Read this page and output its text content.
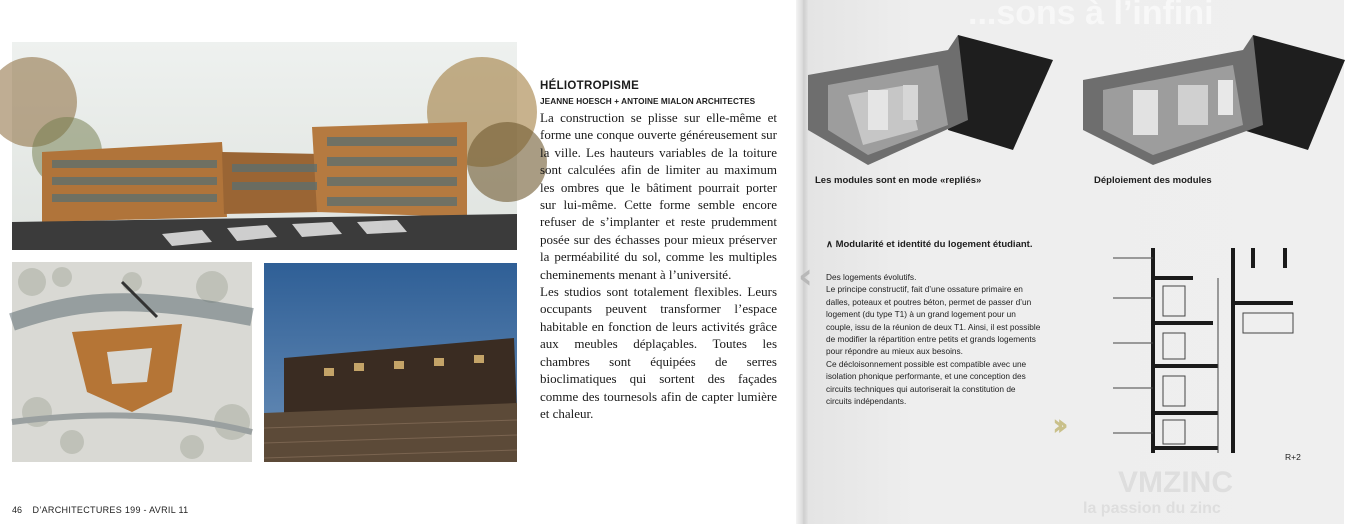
HÉLIOTROPISME
JEANNE HOESCH + ANTOINE MIALON ARCHITECTES

La construction se plisse sur elle-même et forme une conque ouverte généreusement sur la ville. Les hauteurs variables de la toiture sont calculées afin de limiter au maximum les ombres que le bâtiment pourrait porter sur lui-même. Cette forme semble encore refuser de s’implanter et reste prudemment posée sur des échasses pour mieux préserver la perméabilité du sol, comme les multiples cheminements menant à l’université.

Les studios sont totalement flexibles. Leurs occupants peuvent transformer l’espace habitable en fonction de leurs activités grâce aux meubles déplaçables. Toutes les chambres sont équipées de serres bioclimatiques qui sortent des façades comme des tournesols afin de capter lumière et chaleur.

46 D’ARCHITECTURES 199 - AVRIL 11
...sons à l’infini
Les modules sont en mode «repliés»	Déploiement des modules
∧ Modularité et identité du logement étudiant.

Des logements évolutifs.

Le principe constructif, fait d’une ossature primaire en dalles, poteaux et poutres béton, permet de passer d’un logement (du type T1) à un grand logement pour un couple, issu de la réunion de deux T1. Ainsi, il est possible de modifier la répartition entre petits et grands logements pour répondre au mieux aux besoins.

Ce décloisonnement possible est compatible avec une isolation phonique performante, et une conception des circuits techniques qui autoriserait la constitution de circuits indépendants.

R+2
‹
››
VMZINC
la passion du zinc
